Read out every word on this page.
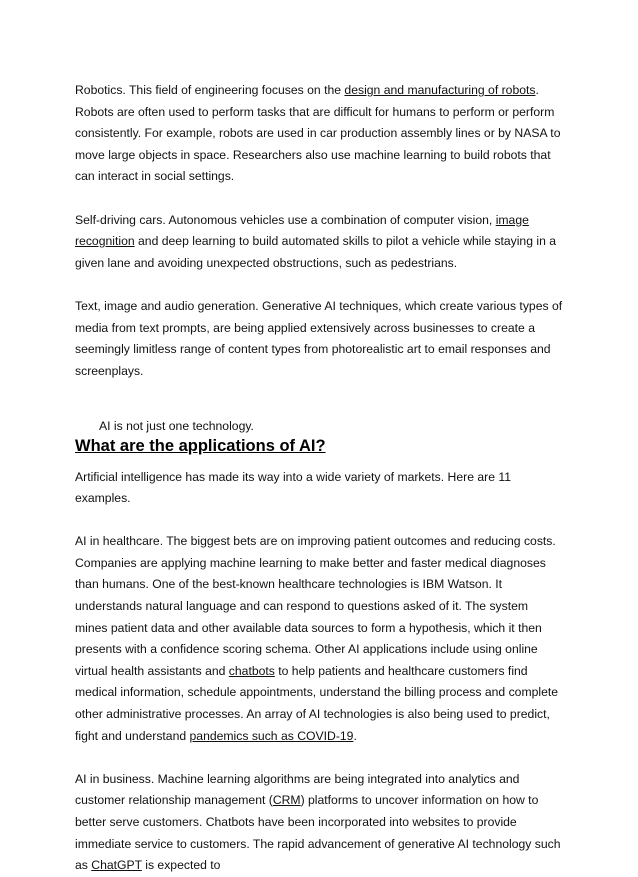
Robotics. This field of engineering focuses on the design and manufacturing of robots. Robots are often used to perform tasks that are difficult for humans to perform or perform consistently. For example, robots are used in car production assembly lines or by NASA to move large objects in space. Researchers also use machine learning to build robots that can interact in social settings.

Self-driving cars. Autonomous vehicles use a combination of computer vision, image recognition and deep learning to build automated skills to pilot a vehicle while staying in a given lane and avoiding unexpected obstructions, such as pedestrians.

Text, image and audio generation. Generative AI techniques, which create various types of media from text prompts, are being applied extensively across businesses to create a seemingly limitless range of content types from photorealistic art to email responses and screenplays.

AI is not just one technology.

What are the applications of AI?

Artificial intelligence has made its way into a wide variety of markets. Here are 11 examples.

AI in healthcare. The biggest bets are on improving patient outcomes and reducing costs. Companies are applying machine learning to make better and faster medical diagnoses than humans. One of the best-known healthcare technologies is IBM Watson. It understands natural language and can respond to questions asked of it. The system mines patient data and other available data sources to form a hypothesis, which it then presents with a confidence scoring schema. Other AI applications include using online virtual health assistants and chatbots to help patients and healthcare customers find medical information, schedule appointments, understand the billing process and complete other administrative processes. An array of AI technologies is also being used to predict, fight and understand pandemics such as COVID-19.

AI in business. Machine learning algorithms are being integrated into analytics and customer relationship management (CRM) platforms to uncover information on how to better serve customers. Chatbots have been incorporated into websites to provide immediate service to customers. The rapid advancement of generative AI technology such as ChatGPT is expected to
